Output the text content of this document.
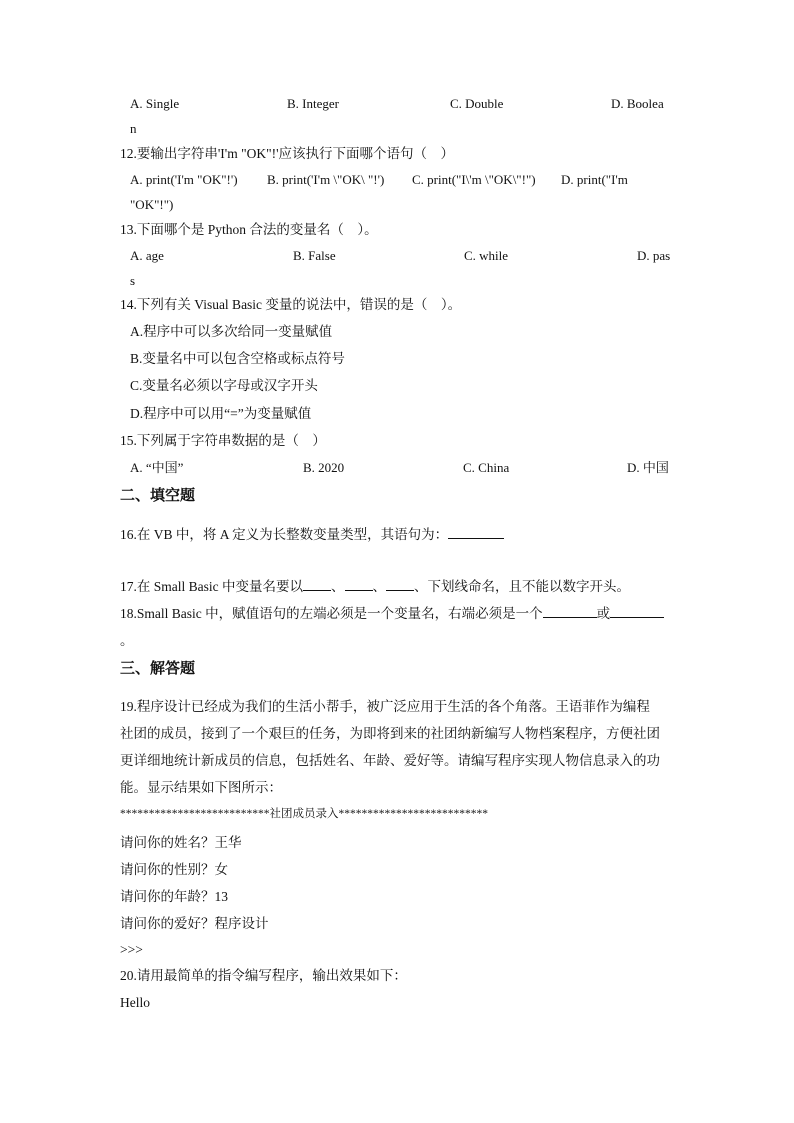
A. Single	B. Integer	C. Double	D. Boolea
n
12.要输出字符串'I'm "OK"!'应该执行下面哪个语句（　）
A. print('I'm "OK"!') B. print('I'm \"OK\ "!') C. print("I\'m \"OK\"!") D. print("I'm
"OK"!")
13.下面哪个是 Python 合法的变量名（　）。
A. age	B. False	C. while	D. pas
s
14.下列有关 Visual Basic 变量的说法中，错误的是（　）。
A.程序中可以多次给同一变量赋值
B.变量名中可以包含空格或标点符号
C.变量名必须以字母或汉字开头
D.程序中可以用“=”为变量赋值
15.下列属于字符串数据的是（　）
A. “中国”	B. 2020	C. China	D. 中国
二、填空题
16.在 VB 中，将 A 定义为长整数变量类型，其语句为：
17.在 Small Basic 中变量名要以 、 、 、下划线命名，且不能以数字开头。
18.Small Basic 中，赋值语句的左端必须是一个变量名，右端必须是一个	或
。
三、解答题
19.程序设计已经成为我们的生活小帮手，被广泛应用于生活的各个角落。王语菲作为编程
社团的成员，接到了一个艰巨的任务，为即将到来的社团纳新编写人物档案程序，方便社团
更详细地统计新成员的信息，包括姓名、年龄、爱好等。请编写程序实现人物信息录入的功
能。显示结果如下图所示：
**************************社团成员录入**************************
请问你的姓名？王华
请问你的性别？女
请问你的年龄？13
请问你的爱好？程序设计
>>>
20.请用最简单的指令编写程序，输出效果如下：
Hello
